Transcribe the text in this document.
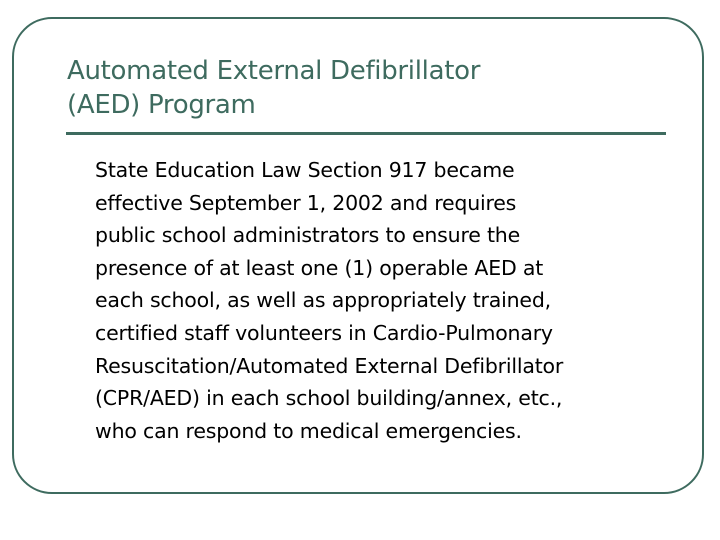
Automated External Defibrillator
(AED) Program

State Education Law Section 917 became
effective September 1, 2002 and requires
public school administrators to ensure the
presence of at least one (1) operable AED at
each school, as well as appropriately trained,
certified staff volunteers in Cardio-Pulmonary
Resuscitation/Automated External Defibrillator
(CPR/AED) in each school building/annex, etc.,
who can respond to medical emergencies.
